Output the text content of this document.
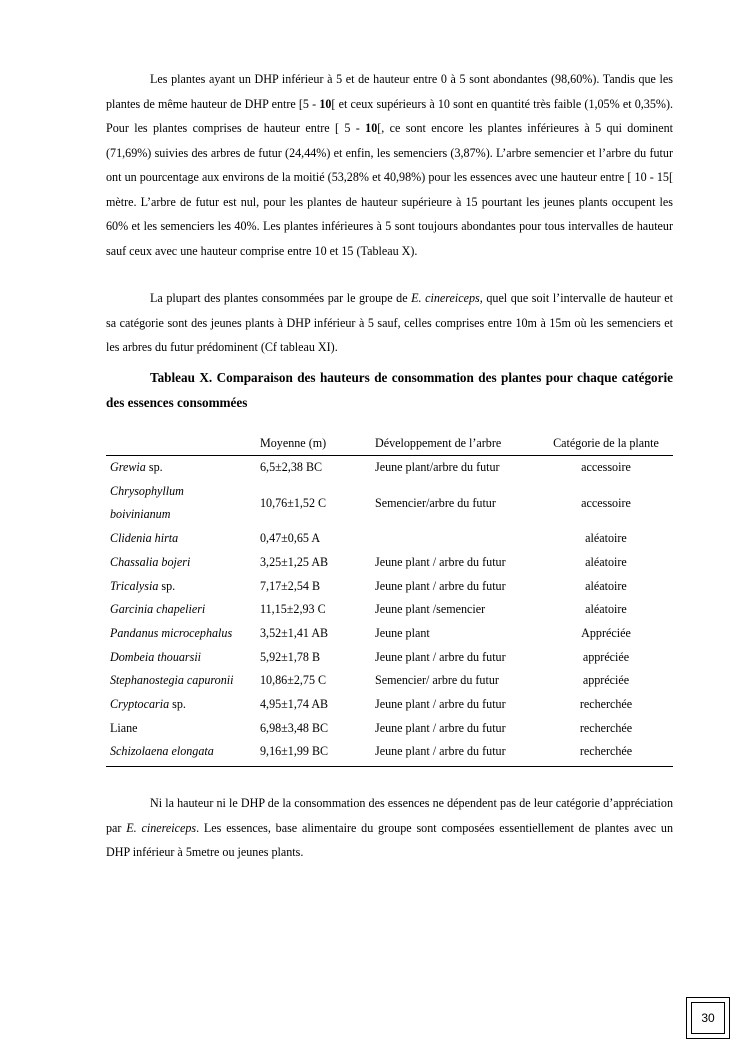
Les plantes ayant un DHP inférieur à 5 et de hauteur entre 0 à 5 sont abondantes (98,60%). Tandis que les plantes de même hauteur de DHP entre [5 - 10[ et ceux supérieurs à 10 sont en quantité très faible (1,05% et 0,35%). Pour les plantes comprises de hauteur entre [ 5 - 10[, ce sont encore les plantes inférieures à 5 qui dominent (71,69%) suivies des arbres de futur (24,44%) et enfin, les semenciers (3,87%). L’arbre semencier et l’arbre du futur ont un pourcentage aux environs de la moitié (53,28% et 40,98%) pour les essences avec une hauteur entre [ 10 - 15[ mètre. L’arbre de futur est nul, pour les plantes de hauteur supérieure à 15 pourtant les jeunes plants occupent les 60% et les semenciers les 40%. Les plantes inférieures à 5 sont toujours abondantes pour tous intervalles de hauteur sauf ceux avec une hauteur comprise entre 10 et 15 (Tableau X).

La plupart des plantes consommées par le groupe de E. cinereiceps, quel que soit l’intervalle de hauteur et sa catégorie sont des jeunes plants à DHP inférieur à 5 sauf, celles comprises entre 10m à 15m où les semenciers et les arbres du futur prédominent (Cf tableau XI).

Tableau X. Comparaison des hauteurs de consommation des plantes pour chaque catégorie des essences consommées

	Moyenne (m)	Développement de l’arbre	Catégorie de la plante
Grewia sp.	6,5±2,38 BC	Jeune plant/arbre du futur	accessoire

Chrysophyllum boivinianum	10,76±1,52 C	Semencier/arbre du futur	accessoire
Clidenia hirta	0,47±0,65 A		aléatoire
Chassalia bojeri	3,25±1,25 AB	Jeune plant / arbre du futur	aléatoire
Tricalysia sp.	7,17±2,54 B	Jeune plant / arbre du futur	aléatoire
Garcinia chapelieri	11,15±2,93 C	Jeune plant /semencier	aléatoire
Pandanus microcephalus	3,52±1,41 AB	Jeune plant	Appréciée
Dombeia thouarsii	5,92±1,78 B	Jeune plant / arbre du futur	appréciée
Stephanostegia capuronii	10,86±2,75 C	Semencier/ arbre du futur	appréciée
Cryptocaria sp.	4,95±1,74 AB	Jeune plant / arbre du futur	recherchée
Liane	6,98±3,48 BC	Jeune plant / arbre du futur	recherchée
Schizolaena elongata	9,16±1,99 BC	Jeune plant / arbre du futur	recherchée

Ni la hauteur ni le DHP de la consommation des essences ne dépendent pas de leur catégorie d’appréciation par E. cinereiceps. Les essences, base alimentaire du groupe sont composées essentiellement de plantes avec un DHP inférieur à 5metre ou jeunes plants.

30
